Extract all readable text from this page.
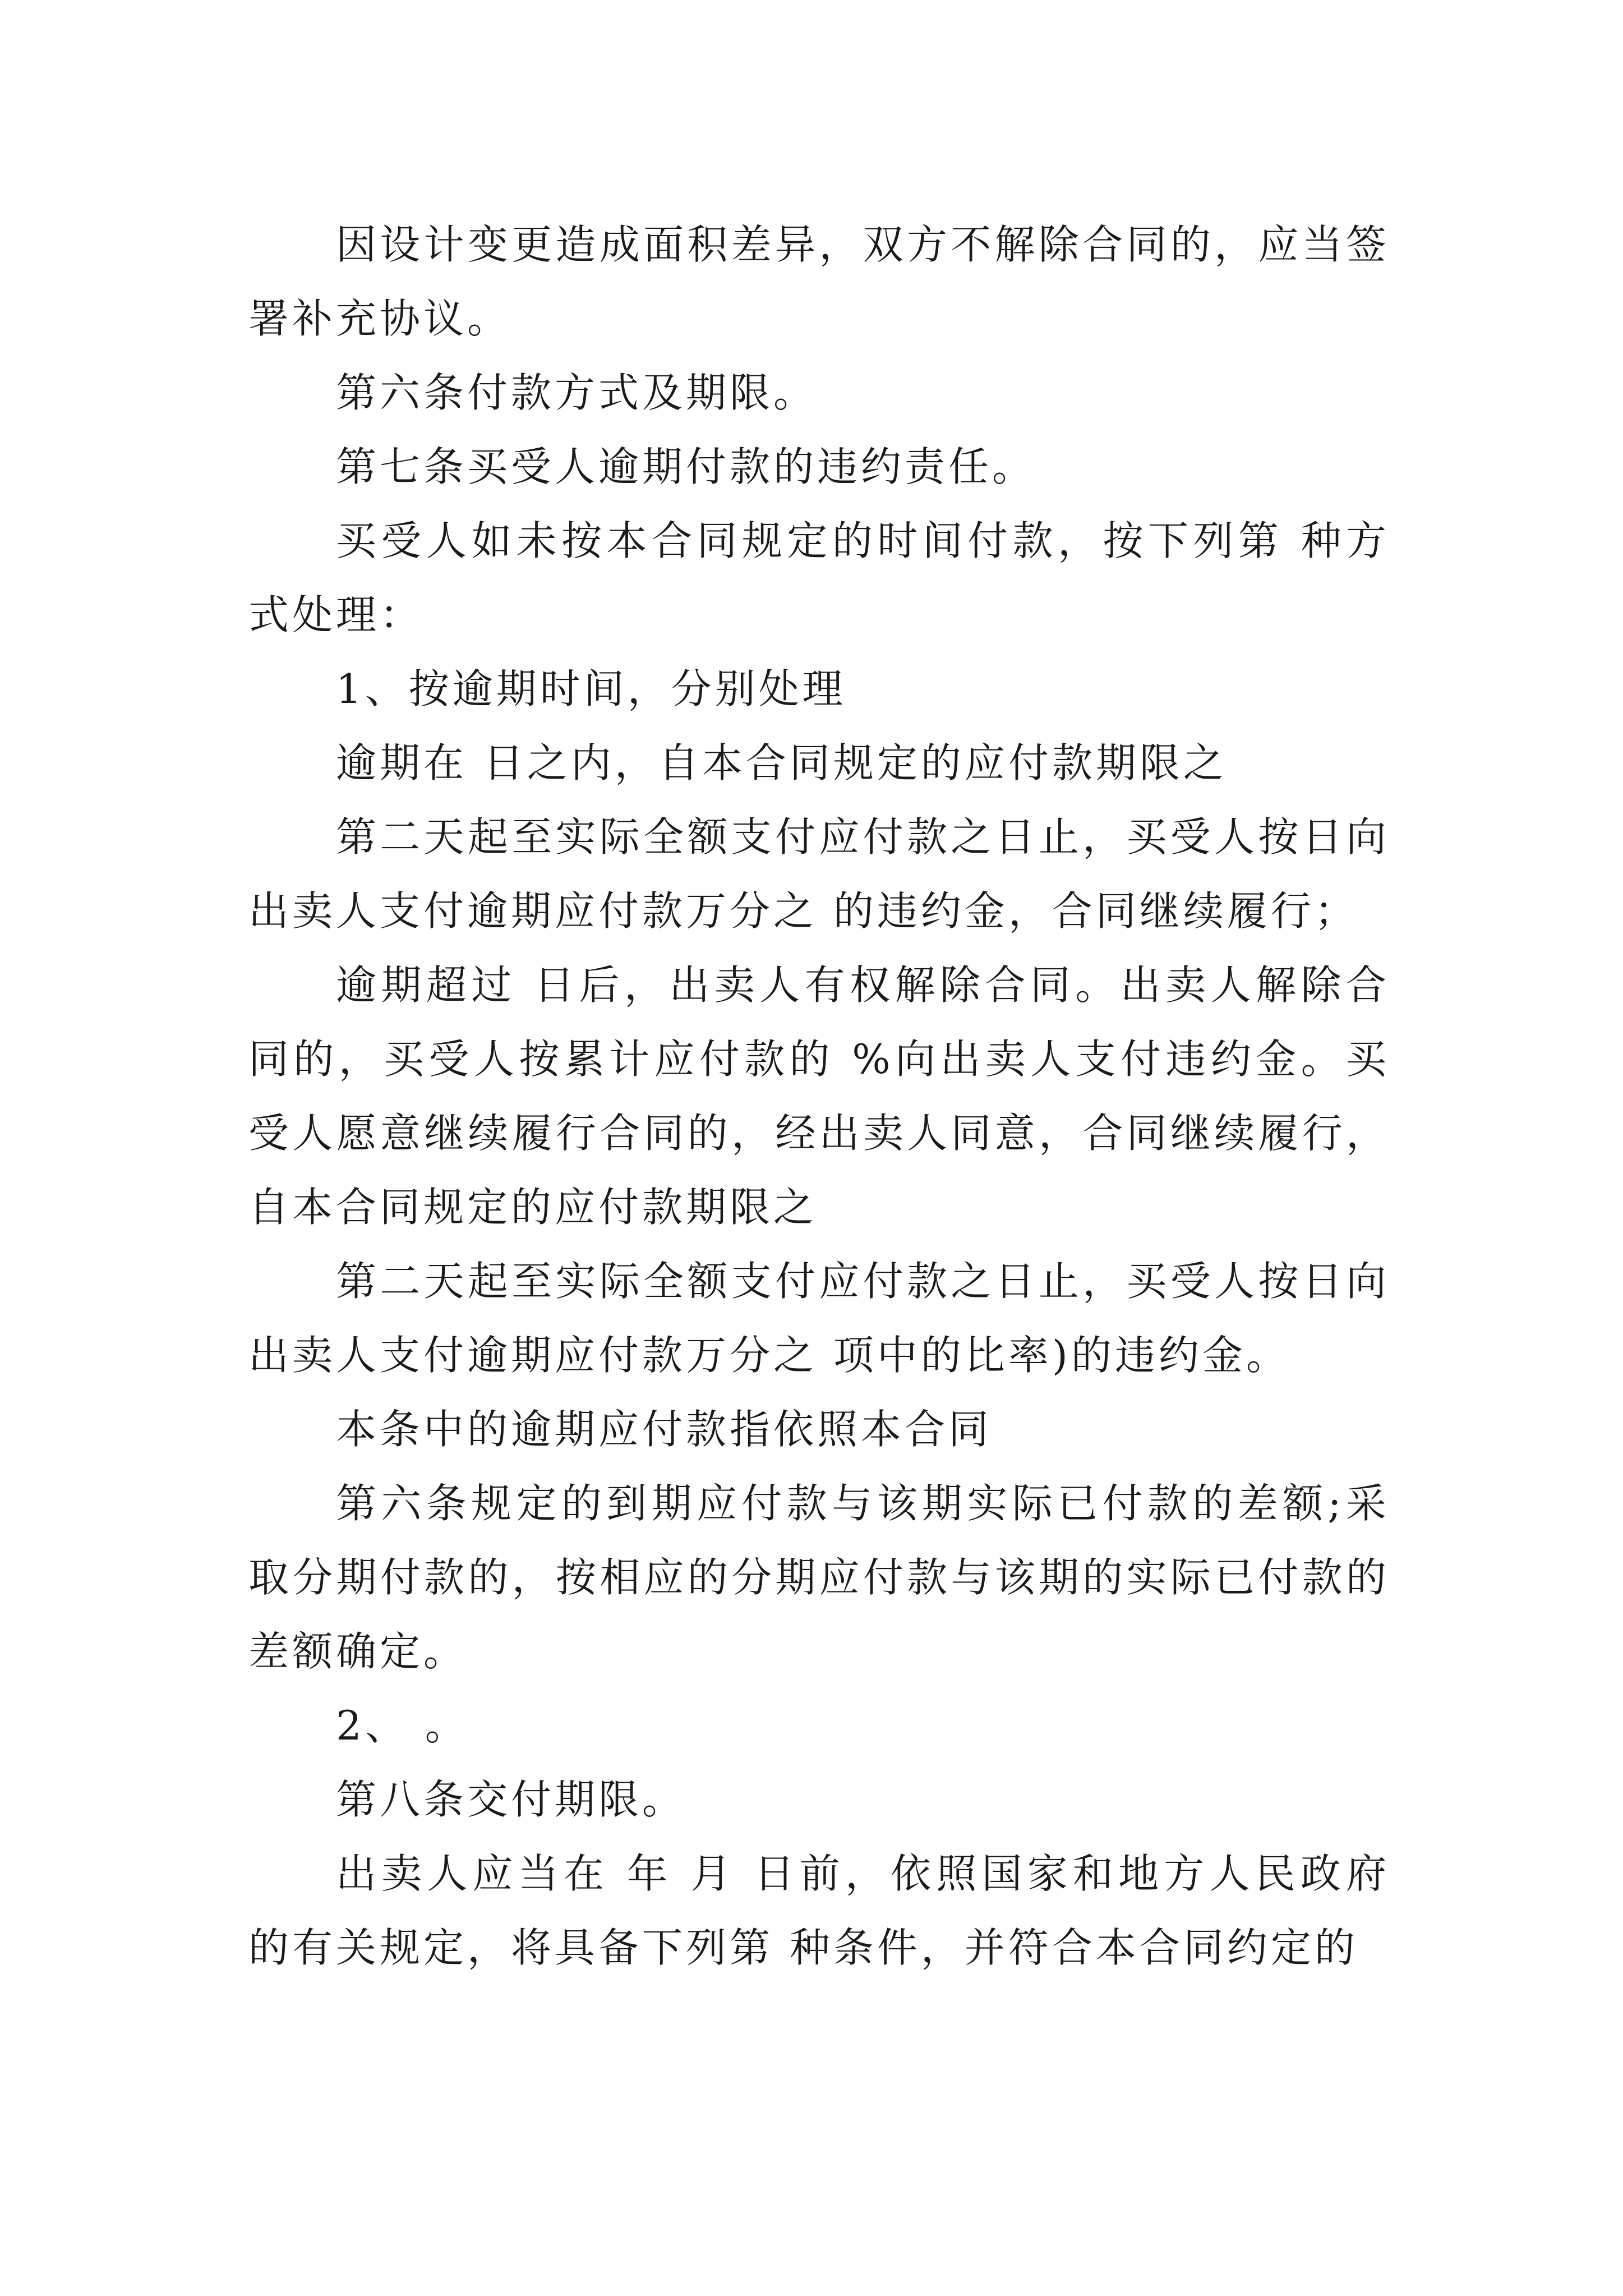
因设计变更造成面积差异，双方不解除合同的，应当签署补充协议。

第六条付款方式及期限。

第七条买受人逾期付款的违约责任。

买受人如未按本合同规定的时间付款，按下列第 种方式处理：

1、按逾期时间，分别处理

逾期在 日之内，自本合同规定的应付款期限之

第二天起至实际全额支付应付款之日止，买受人按日向出卖人支付逾期应付款万分之 的违约金，合同继续履行；

逾期超过 日后，出卖人有权解除合同。出卖人解除合同的，买受人按累计应付款的 %向出卖人支付违约金。买受人愿意继续履行合同的，经出卖人同意，合同继续履行，自本合同规定的应付款期限之

第二天起至实际全额支付应付款之日止，买受人按日向出卖人支付逾期应付款万分之 项中的比率)的违约金。

本条中的逾期应付款指依照本合同

第六条规定的到期应付款与该期实际已付款的差额;采取分期付款的，按相应的分期应付款与该期的实际已付款的差额确定。

2、 。

第八条交付期限。

出卖人应当在 年 月 日前，依照国家和地方人民政府的有关规定，将具备下列第 种条件，并符合本合同约定的
